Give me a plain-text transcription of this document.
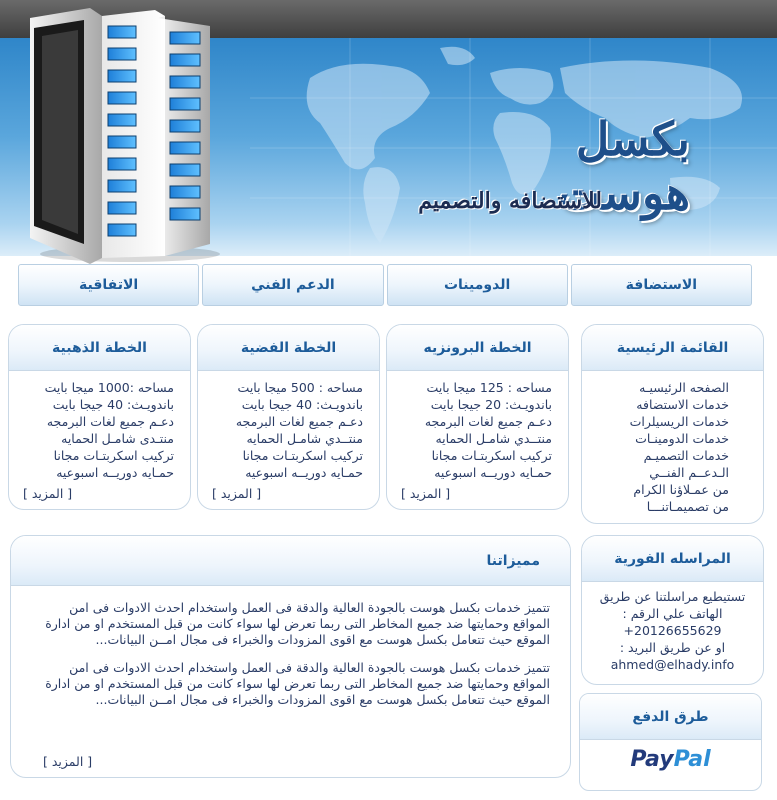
بكسل هوست
للاستضافه والتصميم
الاتفاقية	الدعم الفني	الدومينات	الاستضافة
الخطة الذهبية
مساحه :1000 ميجا بايت
باندويـث: 40 جيجا بايت
دعـم جميع لغات البرمجه
منتـدى شامـل الحمايه
تركيب اسكربتـات مجانا
حمـايه دوريــه اسبوعيه
[ المزيد ]
الخطة الفضية
مساحه : 500 ميجا بايت
باندويـث: 40 جيجا بايت
دعـم جميع لغات البرمجه
منتــدي شامـل الحمايه
تركيب اسكربتـات مجانا
حمـايه دوريــه اسبوعيه
[ المزيد ]
الخطة البرونزيه
مساحه : 125 ميجا بايت
باندويـث: 20 جيجا بايت
دعـم جميع لغات البرمجه
منتــدي شامـل الحمايه
تركيب اسكربتـات مجانا
حمـايه دوريــه اسبوعيه
[ المزيد ]
القائمة الرئيسية
الصفحه الرئيسيـه
خدمات الاستضافه
خدمات الريسيلرات
خدمات الدومينـات
خدمات التصميـم
الـدعــم الفنــي
من عمـلاؤنا الكرام
من تصميمـاتنـــا
مميزاتنا

تتميز خدمات بكسل هوست بالجودة العالية والدقة فى العمل واستخدام احدث الادوات فى امن المواقع وحمايتها ضد جميع المخاطر التى ربما تعرض لها سواء كانت من قبل المستخدم او من ادارة الموقع حيث تتعامل بكسل هوست مع اقوى المزودات والخبراء فى مجال امــن البيانات...

تتميز خدمات بكسل هوست بالجودة العالية والدقة فى العمل واستخدام احدث الادوات فى امن المواقع وحمايتها ضد جميع المخاطر التى ربما تعرض لها سواء كانت من قبل المستخدم او من ادارة الموقع حيث تتعامل بكسل هوست مع اقوى المزودات والخبراء فى مجال امــن البيانات...

[ المزيد ]
المراسله الفورية
تستيطيع مراسلتنا عن طريق
الهاتف علي الرقم :
+20126655629
او عن طريق البريد :
ahmed@elhady.info
طرق الدفع
PayPal
